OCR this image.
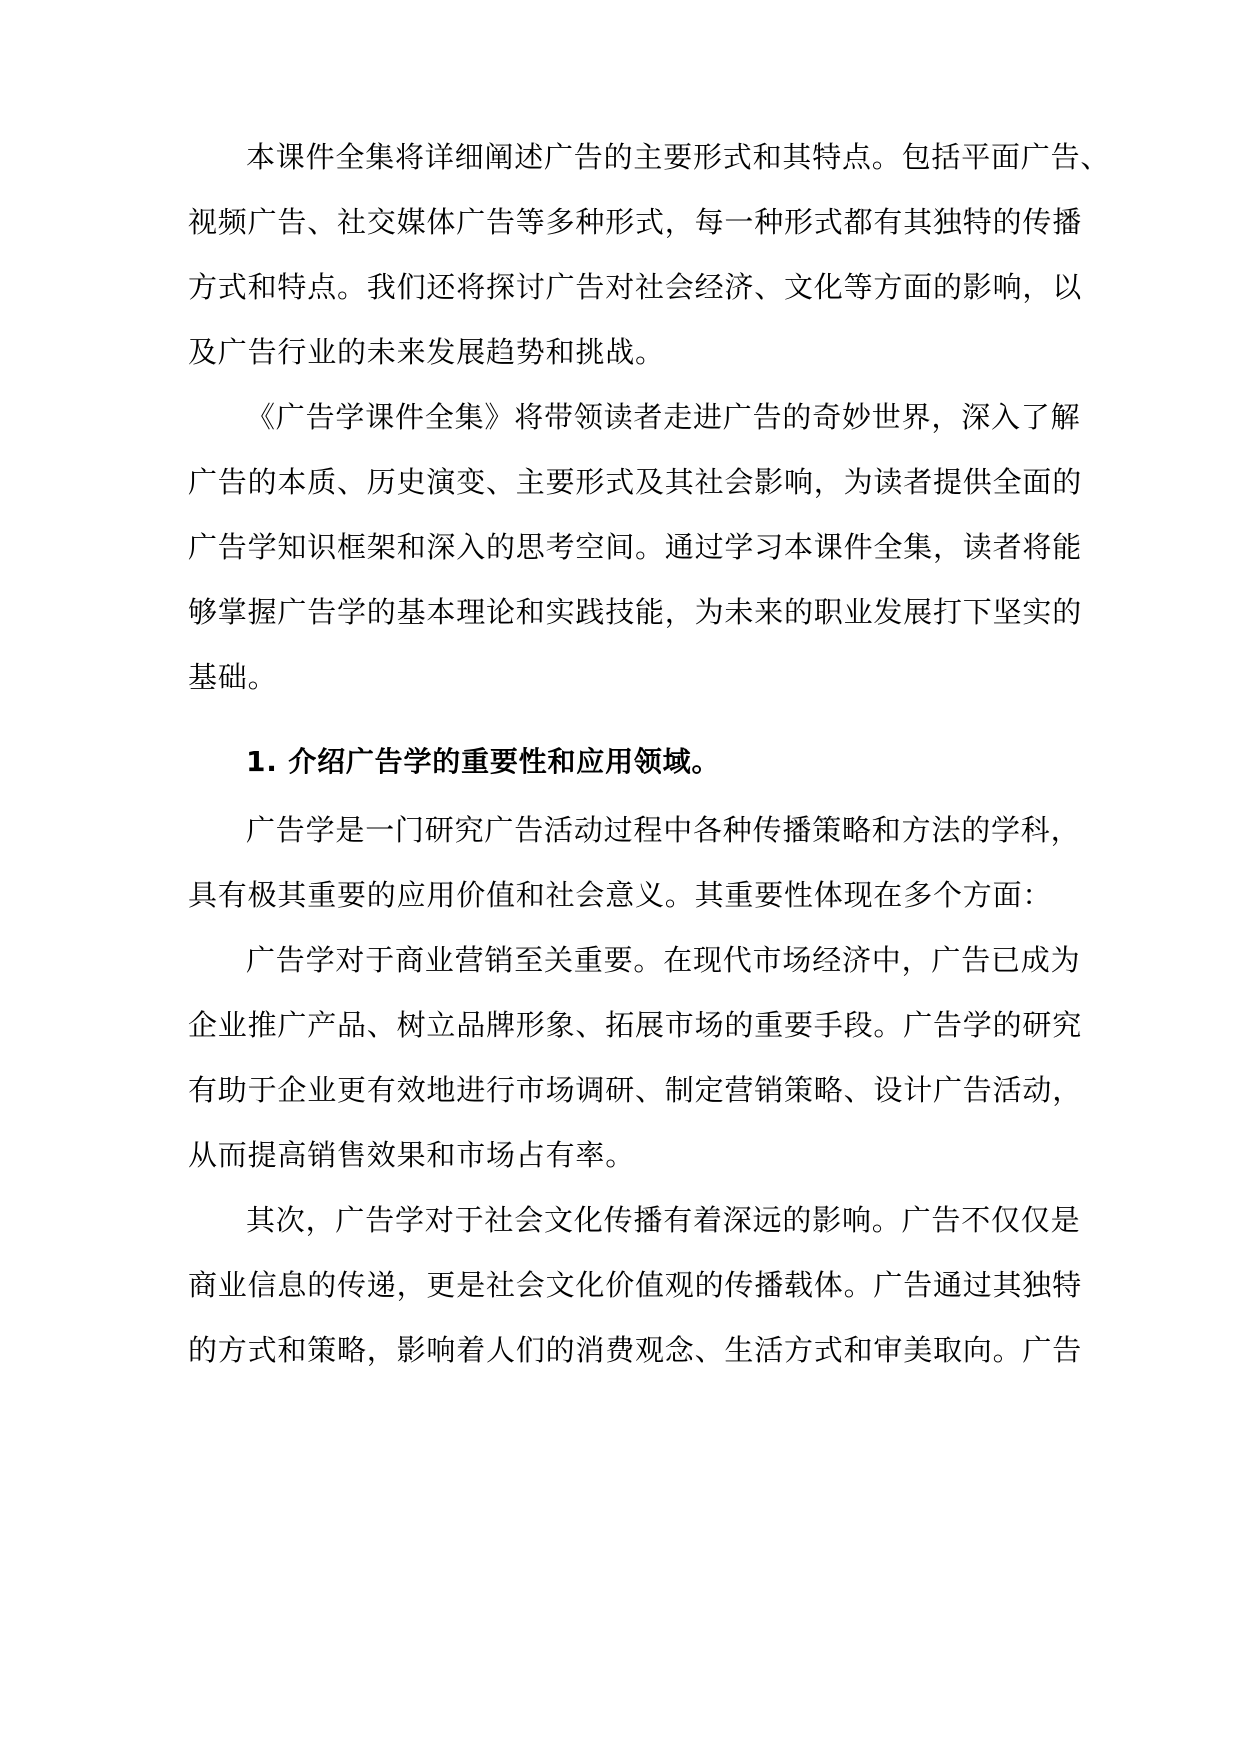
本课件全集将详细阐述广告的主要形式和其特点。包括平面广告、

视频广告、社交媒体广告等多种形式，每一种形式都有其独特的传播

方式和特点。我们还将探讨广告对社会经济、文化等方面的影响，以

及广告行业的未来发展趋势和挑战。

《广告学课件全集》将带领读者走进广告的奇妙世界，深入了解

广告的本质、历史演变、主要形式及其社会影响，为读者提供全面的

广告学知识框架和深入的思考空间。通过学习本课件全集，读者将能

够掌握广告学的基本理论和实践技能，为未来的职业发展打下坚实的

基础。

1. 介绍广告学的重要性和应用领域。

广告学是一门研究广告活动过程中各种传播策略和方法的学科，

具有极其重要的应用价值和社会意义。其重要性体现在多个方面：

广告学对于商业营销至关重要。在现代市场经济中，广告已成为

企业推广产品、树立品牌形象、拓展市场的重要手段。广告学的研究

有助于企业更有效地进行市场调研、制定营销策略、设计广告活动，

从而提高销售效果和市场占有率。

其次，广告学对于社会文化传播有着深远的影响。广告不仅仅是

商业信息的传递，更是社会文化价值观的传播载体。广告通过其独特

的方式和策略，影响着人们的消费观念、生活方式和审美取向。广告
